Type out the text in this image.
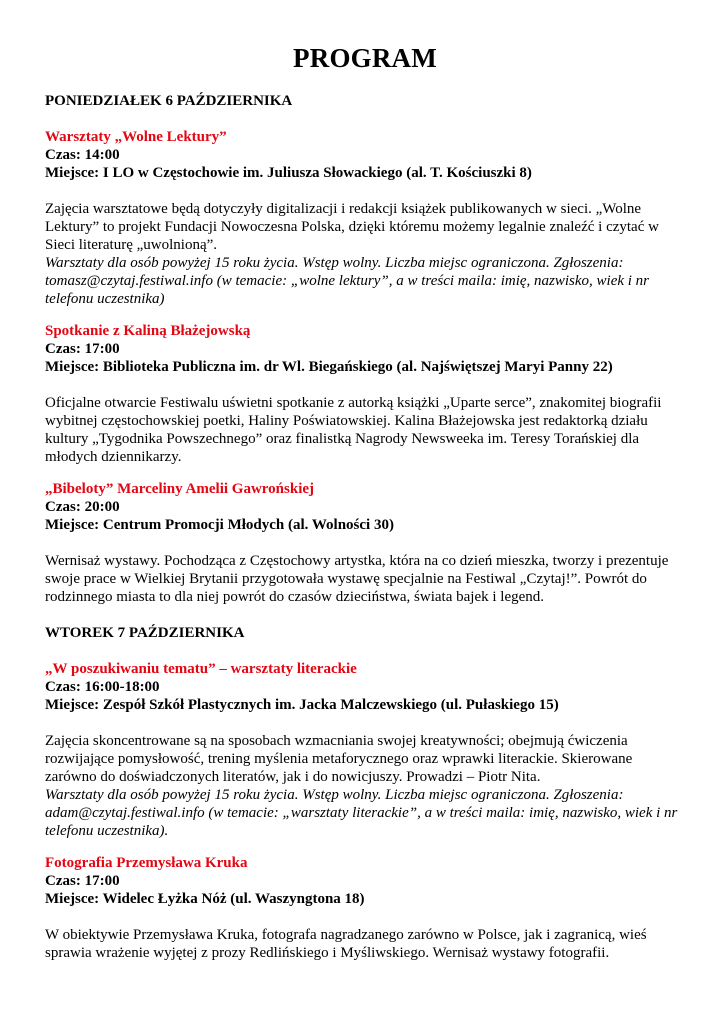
PROGRAM
PONIEDZIAŁEK 6 PAŹDZIERNIKA
Warsztaty „Wolne Lektury”
Czas: 14:00
Miejsce: I LO w Częstochowie im. Juliusza Słowackiego (al. T. Kościuszki 8)
Zajęcia warsztatowe będą dotyczyły digitalizacji i redakcji książek publikowanych w sieci. „Wolne Lektury” to projekt Fundacji Nowoczesna Polska, dzięki któremu możemy legalnie znaleźć i czytać w Sieci literaturę „uwolnioną”.
Warsztaty dla osób powyżej 15 roku życia. Wstęp wolny. Liczba miejsc ograniczona. Zgłoszenia: tomasz@czytaj.festiwal.info (w temacie: „wolne lektury”, a w treści maila: imię, nazwisko, wiek i nr telefonu uczestnika)
Spotkanie z Kaliną Błażejowską
Czas: 17:00
Miejsce: Biblioteka Publiczna im. dr Wl. Biegańskiego (al. Najświętszej Maryi Panny 22)
Oficjalne otwarcie Festiwalu uświetni spotkanie z autorką książki „Uparte serce”, znakomitej biografii wybitnej częstochowskiej poetki, Haliny Poświatowskiej. Kalina Błażejowska jest redaktorką działu kultury „Tygodnika Powszechnego” oraz finalistką Nagrody Newsweeka im. Teresy Torańskiej dla młodych dziennikarzy.
„Bibeloty” Marceliny Amelii Gawrońskiej
Czas: 20:00
Miejsce: Centrum Promocji Młodych (al. Wolności 30)
Wernisaż wystawy. Pochodząca z Częstochowy artystka, która na co dzień mieszka, tworzy i prezentuje swoje prace w Wielkiej Brytanii przygotowała wystawę specjalnie na Festiwal „Czytaj!”. Powrót do rodzinnego miasta to dla niej powrót do czasów dzieciństwa, świata bajek i legend.
WTOREK 7 PAŹDZIERNIKA
„W poszukiwaniu tematu” – warsztaty literackie
Czas: 16:00-18:00
Miejsce: Zespół Szkół Plastycznych im. Jacka Malczewskiego (ul. Pułaskiego 15)
Zajęcia skoncentrowane są na sposobach wzmacniania swojej kreatywności; obejmują ćwiczenia rozwijające pomysłowość, trening myślenia metaforycznego oraz wprawki literackie. Skierowane zarówno do doświadczonych literatów, jak i do nowicjuszy. Prowadzi – Piotr Nita.
Warsztaty dla osób powyżej 15 roku życia. Wstęp wolny. Liczba miejsc ograniczona. Zgłoszenia: adam@czytaj.festiwal.info (w temacie: „warsztaty literackie”, a w treści maila: imię, nazwisko, wiek i nr telefonu uczestnika).
Fotografia Przemysława Kruka
Czas: 17:00
Miejsce: Widelec Łyżka Nóż (ul. Waszyngtona 18)
W obiektywie Przemysława Kruka, fotografa nagradzanego zarówno w Polsce, jak i zagranicą, wieś sprawia wrażenie wyjętej z prozy Redlińskiego i Myśliwskiego. Wernisaż wystawy fotografii.
